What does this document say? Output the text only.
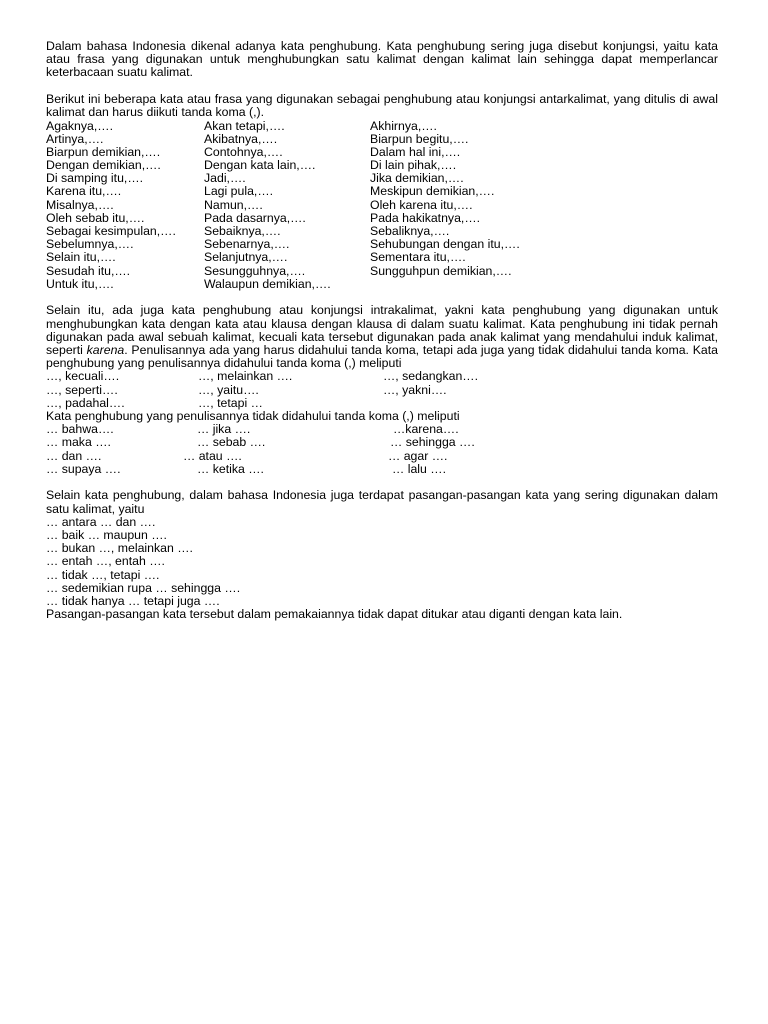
Dalam bahasa Indonesia dikenal adanya kata penghubung. Kata penghubung sering juga disebut konjungsi, yaitu kata atau frasa yang digunakan untuk menghubungkan satu kalimat dengan kalimat lain sehingga dapat memperlancar keterbacaan suatu kalimat.

Berikut ini beberapa kata atau frasa yang digunakan sebagai penghubung atau konjungsi antarkalimat, yang ditulis di awal kalimat dan harus diikuti tanda koma (,).

Agaknya,….	Akan tetapi,….	Akhirnya,….
Artinya,….	Akibatnya,….	Biarpun begitu,….
Biarpun demikian,….	Contohnya,….	Dalam hal ini,….
Dengan demikian,….	Dengan kata lain,….	Di lain pihak,….
Di samping itu,….	Jadi,….	Jika demikian,….
Karena itu,….	Lagi pula,….	Meskipun demikian,….
Misalnya,….	Namun,….	Oleh karena itu,….
Oleh sebab itu,….	Pada dasarnya,….	Pada hakikatnya,….
Sebagai kesimpulan,…. Sebaiknya,….	Sebaliknya,….
Sebelumnya,….	Sebenarnya,….	Sehubungan dengan itu,….
Selain itu,….	Selanjutnya,….	Sementara itu,….
Sesudah itu,….	Sesungguhnya,….	Sungguhpun demikian,….
Untuk itu,….	Walaupun demikian,….

Selain itu, ada juga kata penghubung atau konjungsi intrakalimat, yakni kata penghubung yang digunakan untuk menghubungkan kata dengan kata atau klausa dengan klausa di dalam suatu kalimat. Kata penghubung ini tidak pernah digunakan pada awal sebuah kalimat, kecuali kata tersebut digunakan pada anak kalimat yang mendahului induk kalimat, seperti karena. Penulisannya ada yang harus didahului tanda koma, tetapi ada juga yang tidak didahului tanda koma. Kata penghubung yang penulisannya didahului tanda koma (,) meliputi

…, kecuali….	…, melainkan ….	…, sedangkan….
…, seperti….	…, yaitu….	…, yakni….
…, padahal….	…, tetapi …
Kata penghubung yang penulisannya tidak didahului tanda koma (,) meliputi
… bahwa….	… jika ….	…karena….
… maka ….	… sebab ….	… sehingga ….
… dan ….	… atau ….	… agar ….
… supaya ….	… ketika ….	… lalu ….

Selain kata penghubung, dalam bahasa Indonesia juga terdapat pasangan-pasangan kata yang sering digunakan dalam satu kalimat, yaitu

… antara … dan ….
… baik … maupun ….
… bukan …, melainkan ….
… entah …, entah ….
… tidak …, tetapi ….
… sedemikian rupa … sehingga ….
… tidak hanya … tetapi juga ….
Pasangan-pasangan kata tersebut dalam pemakaiannya tidak dapat ditukar atau diganti dengan kata lain.
